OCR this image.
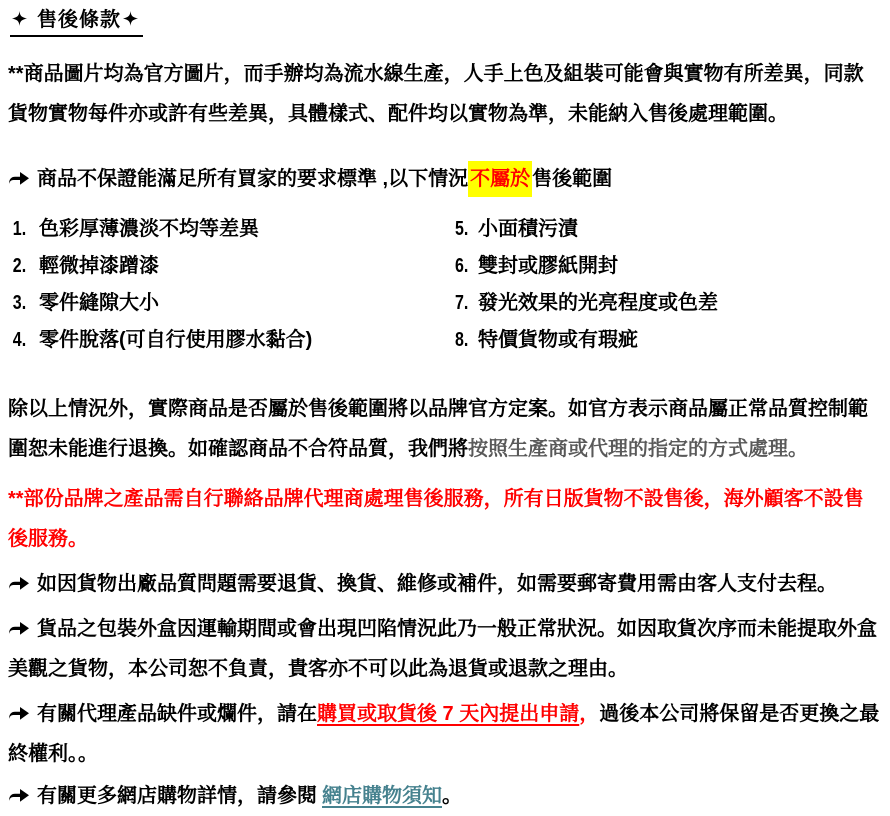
售後條款

**商品圖片均為官方圖片，而手辦均為流水線生產，人手上色及組裝可能會與實物有所差異，同款貨物實物每件亦或許有些差異，具體樣式、配件均以實物為準，未能納入售後處理範圍。

商品不保證能滿足所有買家的要求標準 ,以下情況 不屬於 售後範圍

1. 色彩厚薄濃淡不均等差異
2. 輕微掉漆蹭漆
3. 零件縫隙大小
4. 零件脫落(可自行使用膠水黏合)
5. 小面積污漬
6. 雙封或膠紙開封
7. 發光效果的光亮程度或色差
8. 特價貨物或有瑕疵

除以上情況外，實際商品是否屬於售後範圍將以品牌官方定案。如官方表示商品屬正常品質控制範圍恕未能進行退換。如確認商品不合符品質，我們將按照生產商或代理的指定的方式處理。

**部份品牌之產品需自行聯絡品牌代理商處理售後服務，所有日版貨物不設售後，海外顧客不設售後服務。

如因貨物出廠品質問題需要退貨、換貨、維修或補件，如需要郵寄費用需由客人支付去程。

貨品之包裝外盒因運輸期間或會出現凹陷情況此乃一般正常狀況。如因取貨次序而未能提取外盒美觀之貨物，本公司恕不負責，貴客亦不可以此為退貨或退款之理由。

有關代理產品缺件或爛件，請在購買或取貨後 7 天內提出申請，過後本公司將保留是否更換之最終權利。。

有關更多網店購物詳情，請參閱 網店購物須知。
